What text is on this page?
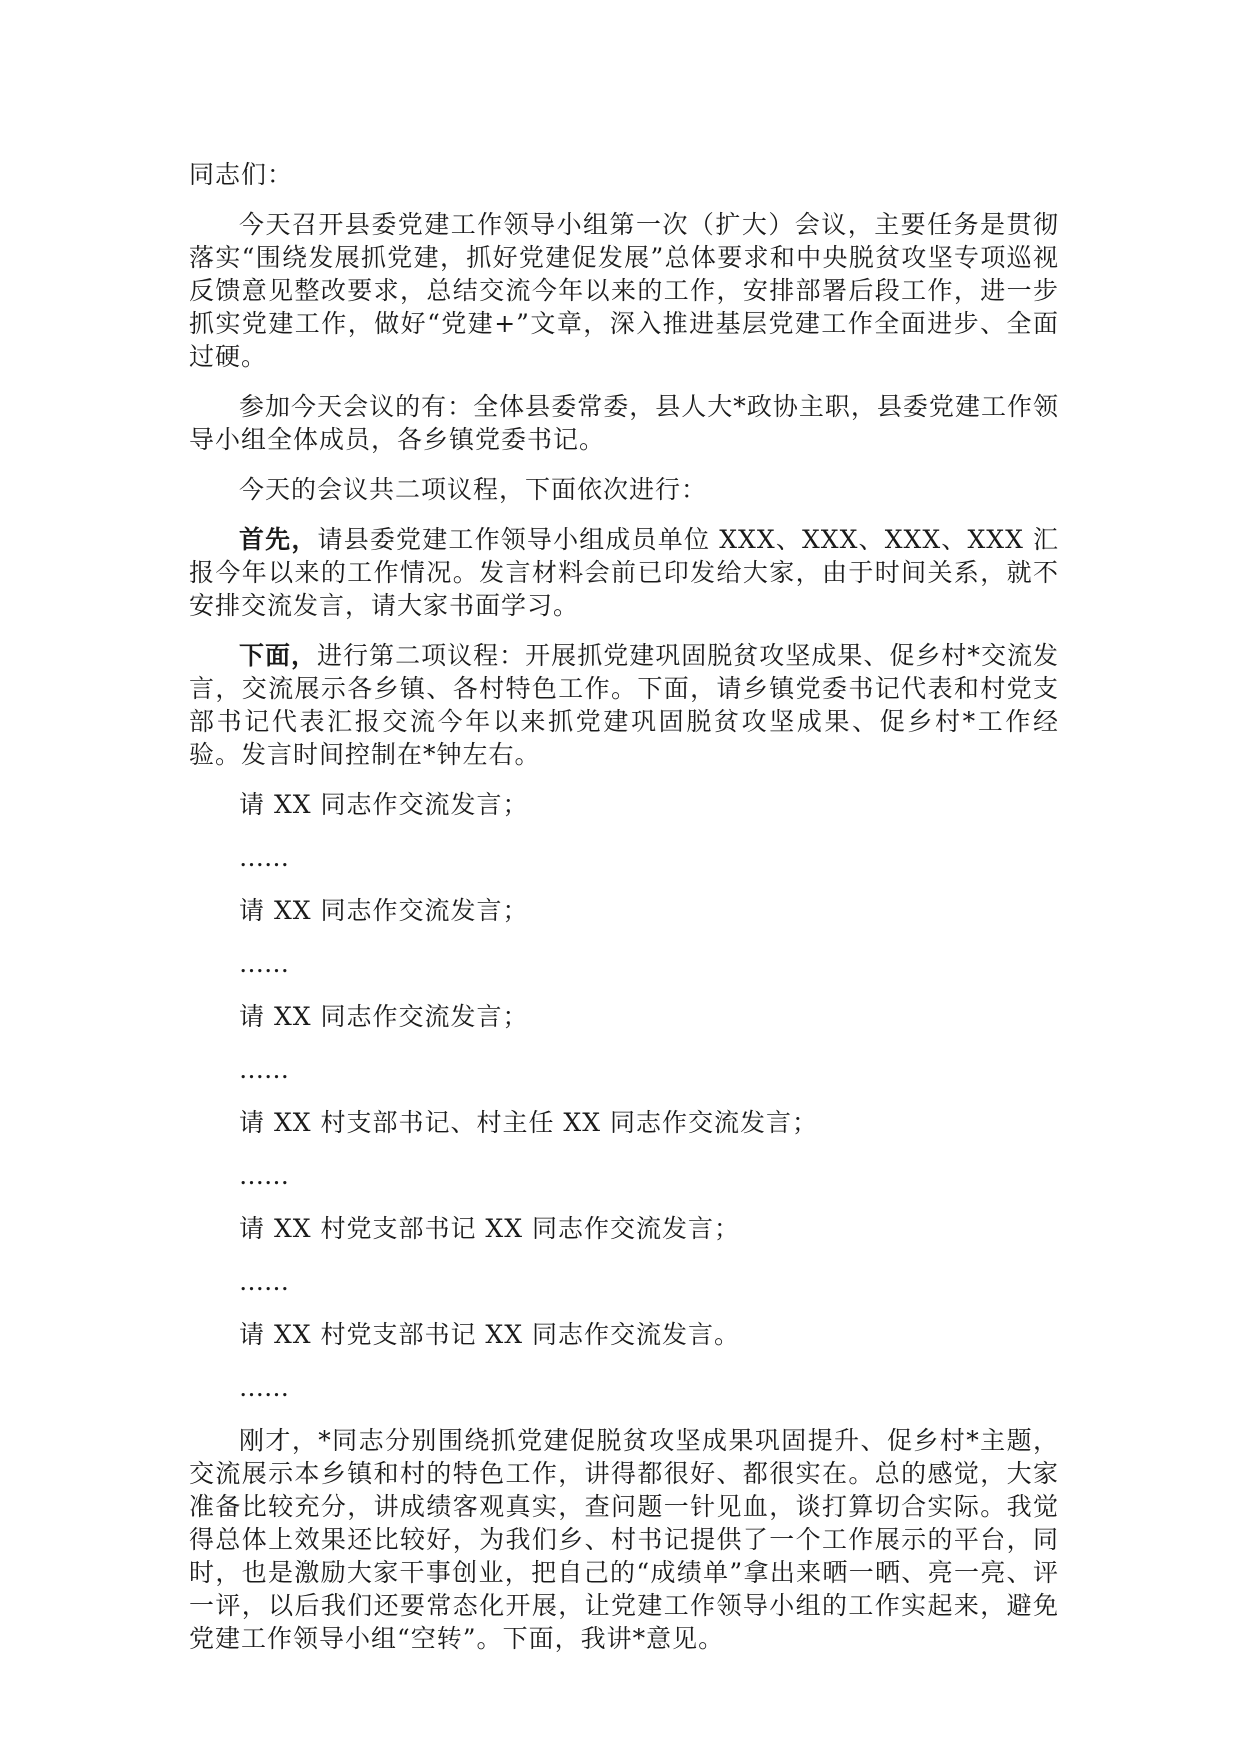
同志们：

今天召开县委党建工作领导小组第一次（扩大）会议，主要任务是贯彻落实“围绕发展抓党建，抓好党建促发展”总体要求和中央脱贫攻坚专项巡视反馈意见整改要求，总结交流今年以来的工作，安排部署后段工作，进一步抓实党建工作，做好“党建+”文章，深入推进基层党建工作全面进步、全面过硬。

参加今天会议的有：全体县委常委，县人大*政协主职，县委党建工作领导小组全体成员，各乡镇党委书记。

今天的会议共二项议程，下面依次进行：

首先，请县委党建工作领导小组成员单位 XXX、XXX、XXX、XXX 汇报今年以来的工作情况。发言材料会前已印发给大家，由于时间关系，就不安排交流发言，请大家书面学习。

下面，进行第二项议程：开展抓党建巩固脱贫攻坚成果、促乡村*交流发言，交流展示各乡镇、各村特色工作。下面，请乡镇党委书记代表和村党支部书记代表汇报交流今年以来抓党建巩固脱贫攻坚成果、促乡村*工作经验。发言时间控制在*钟左右。

请 XX 同志作交流发言；

……

请 XX 同志作交流发言；

……

请 XX 同志作交流发言；

……

请 XX 村支部书记、村主任 XX 同志作交流发言；

……

请 XX 村党支部书记 XX 同志作交流发言；

……

请 XX 村党支部书记 XX 同志作交流发言。

……

刚才，*同志分别围绕抓党建促脱贫攻坚成果巩固提升、促乡村*主题，交流展示本乡镇和村的特色工作，讲得都很好、都很实在。总的感觉，大家准备比较充分，讲成绩客观真实，查问题一针见血，谈打算切合实际。我觉得总体上效果还比较好，为我们乡、村书记提供了一个工作展示的平台，同时，也是激励大家干事创业，把自己的“成绩单”拿出来晒一晒、亮一亮、评一评，以后我们还要常态化开展，让党建工作领导小组的工作实起来，避免党建工作领导小组“空转”。下面，我讲*意见。
